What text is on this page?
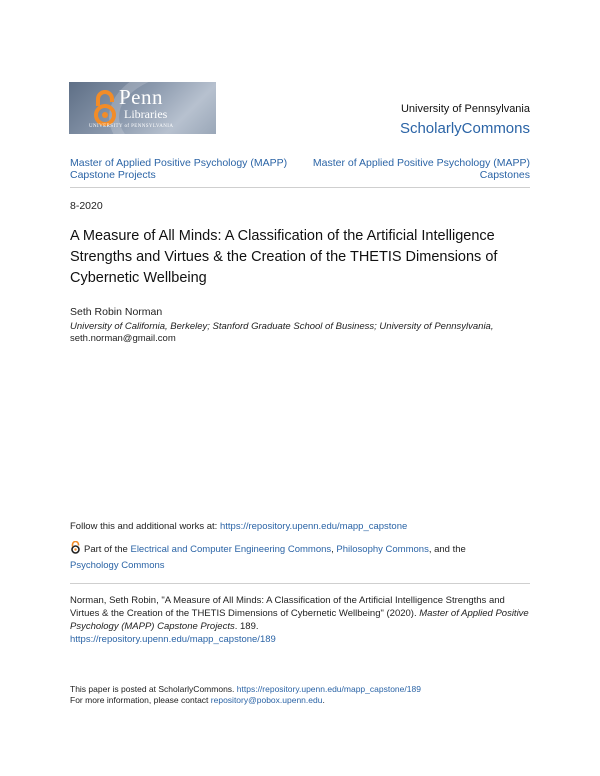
Penn
Libraries
UNIVERSITY of PENNSYLVANIA
University of Pennsylvania
ScholarlyCommons
Master of Applied Positive Psychology (MAPP) Capstone Projects
Master of Applied Positive Psychology (MAPP) Capstones
8-2020
A Measure of All Minds: A Classification of the Artificial Intelligence Strengths and Virtues & the Creation of the THETIS Dimensions of Cybernetic Wellbeing
Seth Robin Norman
University of California, Berkeley; Stanford Graduate School of Business; University of Pennsylvania,
seth.norman@gmail.com
Follow this and additional works at: https://repository.upenn.edu/mapp_capstone
Part of the Electrical and Computer Engineering Commons, Philosophy Commons, and the
Psychology Commons
Norman, Seth Robin, "A Measure of All Minds: A Classification of the Artificial Intelligence Strengths and Virtues & the Creation of the THETIS Dimensions of Cybernetic Wellbeing" (2020). Master of Applied Positive Psychology (MAPP) Capstone Projects. 189.
https://repository.upenn.edu/mapp_capstone/189
This paper is posted at ScholarlyCommons. https://repository.upenn.edu/mapp_capstone/189
For more information, please contact repository@pobox.upenn.edu.
